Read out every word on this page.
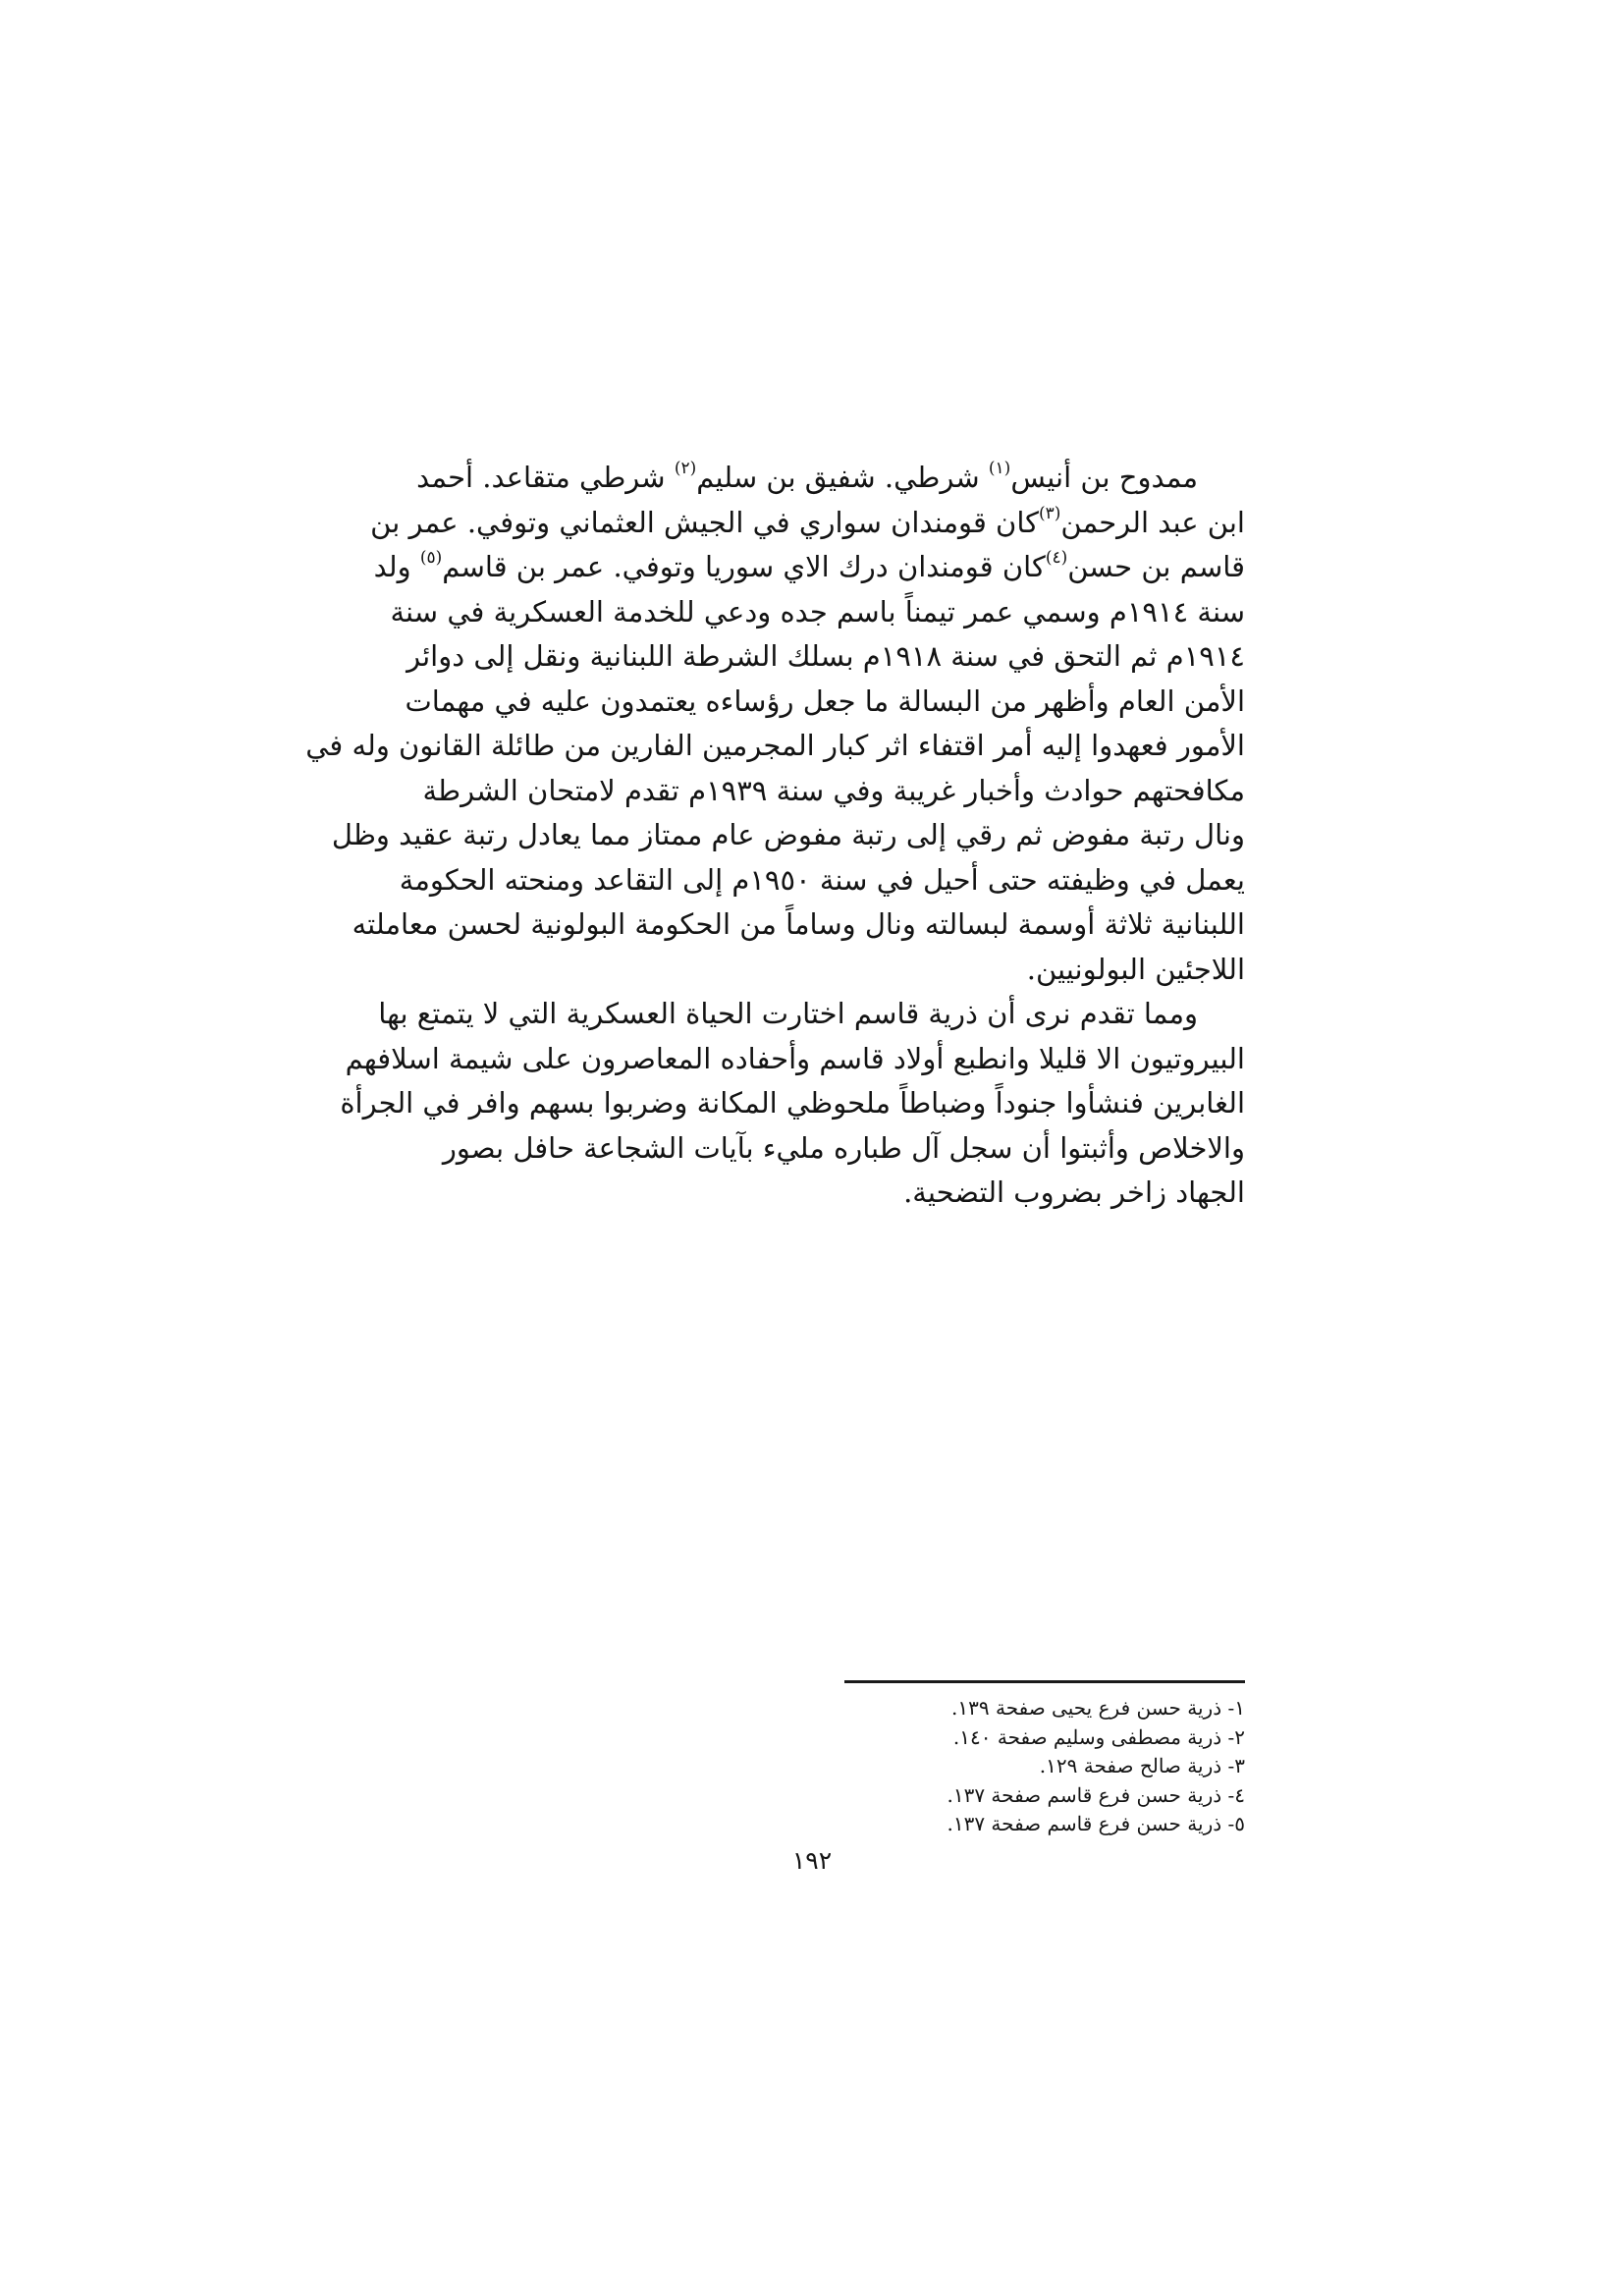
ممدوح بن أنيس$^{(١)}$ شرطي. شفيق بن سليم$^{(٢)}$ شرطي متقاعد. أحمد
ابن عبد الرحمن$^{(٣)}$كان قومندان سواري في الجيش العثماني وتوفي. عمر بن
قاسم بن حسن$^{(٤)}$كان قومندان درك الاي سوريا وتوفي. عمر بن قاسم$^{(٥)}$ ولد
سنة ١٩١٤م وسمي عمر تيمناً باسم جده ودعي للخدمة العسكرية في سنة
١٩١٤م ثم التحق في سنة ١٩١٨م بسلك الشرطة اللبنانية ونقل إلى دوائر
الأمن العام وأظهر من البسالة ما جعل رؤساءه يعتمدون عليه في مهمات
الأمور فعهدوا إليه أمر اقتفاء اثر كبار المجرمين الفارين من طائلة القانون وله في
مكافحتهم حوادث وأخبار غريبة وفي سنة ١٩٣٩م تقدم لامتحان الشرطة
ونال رتبة مفوض ثم رقي إلى رتبة مفوض عام ممتاز مما يعادل رتبة عقيد وظل
يعمل في وظيفته حتى أحيل في سنة ١٩٥٠م إلى التقاعد ومنحته الحكومة
اللبنانية ثلاثة أوسمة لبسالته ونال وساماً من الحكومة البولونية لحسن معاملته
اللاجئين البولونيين.

ومما تقدم نرى أن ذرية قاسم اختارت الحياة العسكرية التي لا يتمتع بها
البيروتيون الا قليلا وانطبع أولاد قاسم وأحفاده المعاصرون على شيمة اسلافهم
الغابرين فنشأوا جنوداً وضباطاً ملحوظي المكانة وضربوا بسهم وافر في الجرأة
والاخلاص وأثبتوا أن سجل آل طباره مليء بآيات الشجاعة حافل بصور
الجهاد زاخر بضروب التضحية.

١- ذرية حسن فرع يحيى صفحة ١٣٩.
٢- ذرية مصطفى وسليم صفحة ١٤٠.
٣- ذرية صالح صفحة ١٢٩.
٤- ذرية حسن فرع قاسم صفحة ١٣٧.
٥- ذرية حسن فرع قاسم صفحة ١٣٧.
١٩٢
